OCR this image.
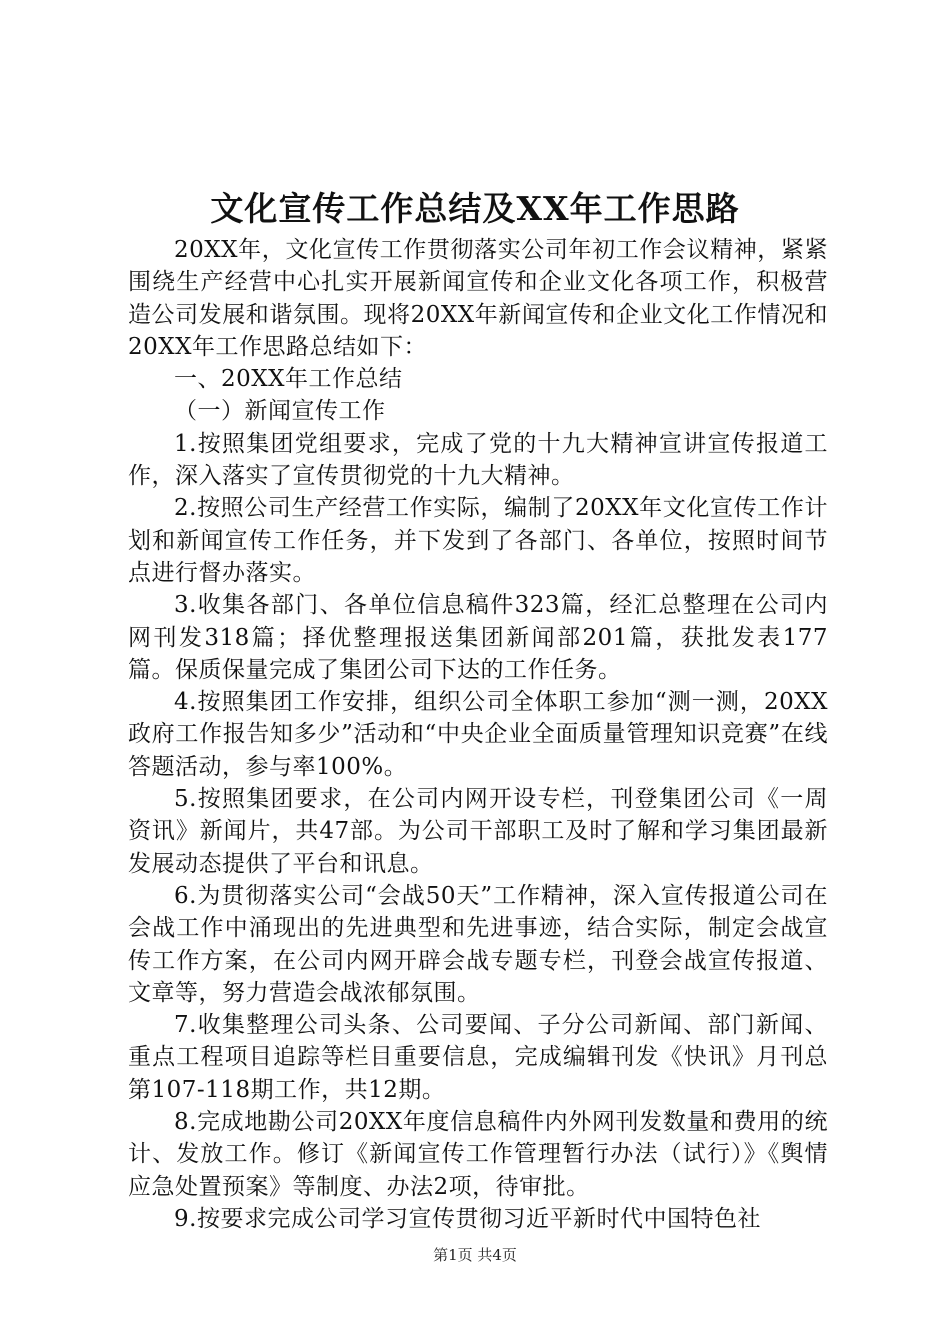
文化宣传工作总结及XX年工作思路

20XX年，文化宣传工作贯彻落实公司年初工作会议精神，紧紧围绕生产经营中心扎实开展新闻宣传和企业文化各项工作，积极营造公司发展和谐氛围。现将20XX年新闻宣传和企业文化工作情况和20XX年工作思路总结如下：

一、20XX年工作总结

（一）新闻宣传工作

1.按照集团党组要求，完成了党的十九大精神宣讲宣传报道工作，深入落实了宣传贯彻党的十九大精神。

2.按照公司生产经营工作实际，编制了20XX年文化宣传工作计划和新闻宣传工作任务，并下发到了各部门、各单位，按照时间节点进行督办落实。

3.收集各部门、各单位信息稿件323篇，经汇总整理在公司内网刊发318篇；择优整理报送集团新闻部201篇，获批发表177篇。保质保量完成了集团公司下达的工作任务。

4.按照集团工作安排，组织公司全体职工参加“测一测，20XX政府工作报告知多少”活动和“中央企业全面质量管理知识竞赛”在线答题活动，参与率100%。

5.按照集团要求，在公司内网开设专栏，刊登集团公司《一周资讯》新闻片，共47部。为公司干部职工及时了解和学习集团最新发展动态提供了平台和讯息。

6.为贯彻落实公司“会战50天”工作精神，深入宣传报道公司在会战工作中涌现出的先进典型和先进事迹，结合实际，制定会战宣传工作方案，在公司内网开辟会战专题专栏，刊登会战宣传报道、文章等，努力营造会战浓郁氛围。

7.收集整理公司头条、公司要闻、子分公司新闻、部门新闻、重点工程项目追踪等栏目重要信息，完成编辑刊发《快讯》月刊总第107-118期工作，共12期。

8.完成地勘公司20XX年度信息稿件内外网刊发数量和费用的统计、发放工作。修订《新闻宣传工作管理暂行办法（试行）》《舆情应急处置预案》等制度、办法2项，待审批。

9.按要求完成公司学习宣传贯彻习近平新时代中国特色社

第1页 共4页
